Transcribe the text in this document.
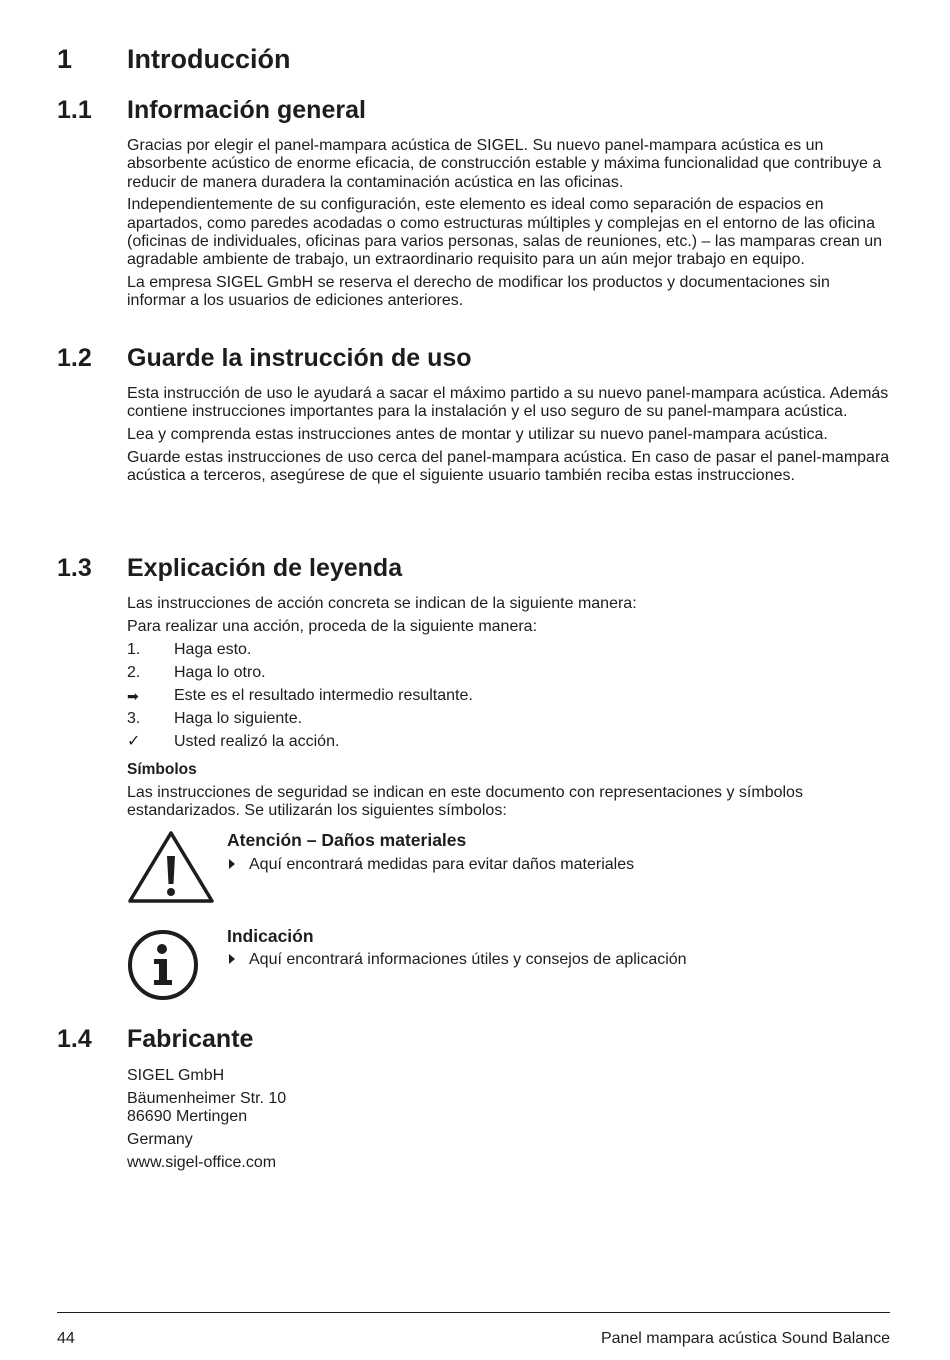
1 Introducción
1.1 Información general

Gracias por elegir el panel-mampara acústica de SIGEL. Su nuevo panel-mampara acústica es un absorbente acústico de enorme eficacia, de construcción estable y máxima funcionalidad que contribuye a reducir de manera duradera la contaminación acústica en las oficinas.

Independientemente de su configuración, este elemento es ideal como separación de espacios en apartados, como paredes acodadas o como estructuras múltiples y complejas en el entorno de las oficina (oficinas de individuales, oficinas para varios personas, salas de reuniones, etc.) – las mamparas crean un agradable ambiente de trabajo, un extraordinario requisito para un aún mejor trabajo en equipo.

La empresa SIGEL GmbH se reserva el derecho de modificar los productos y documentaciones sin informar a los usuarios de ediciones anteriores.

1.2 Guarde la instrucción de uso

Esta instrucción de uso le ayudará a sacar el máximo partido a su nuevo panel-mampara acústica. Además contiene instrucciones importantes para la instalación y el uso seguro de su panel-mampara acústica.

Lea y comprenda estas instrucciones antes de montar y utilizar su nuevo panel-mampara acústica.

Guarde estas instrucciones de uso cerca del panel-mampara acústica. En caso de pasar el panel-mampara acústica a terceros, asegúrese de que el siguiente usuario también reciba estas instrucciones.

1.3 Explicación de leyenda
Las instrucciones de acción concreta se indican de la siguiente manera:
Para realizar una acción, proceda de la siguiente manera:
1. Haga esto.
2. Haga lo otro.
➡ Este es el resultado intermedio resultante.
3. Haga lo siguiente.
✓ Usted realizó la acción.
Símbolos

Las instrucciones de seguridad se indican en este documento con representaciones y símbolos estandarizados. Se utilizarán los siguientes símbolos:

Atención – Daños materiales
Aquí encontrará medidas para evitar daños materiales
Indicación
Aquí encontrará informaciones útiles y consejos de aplicación
1.4 Fabricante
SIGEL GmbH
Bäumenheimer Str. 10
86690 Mertingen
Germany
www.sigel-office.com
44	Panel mampara acústica Sound Balance
